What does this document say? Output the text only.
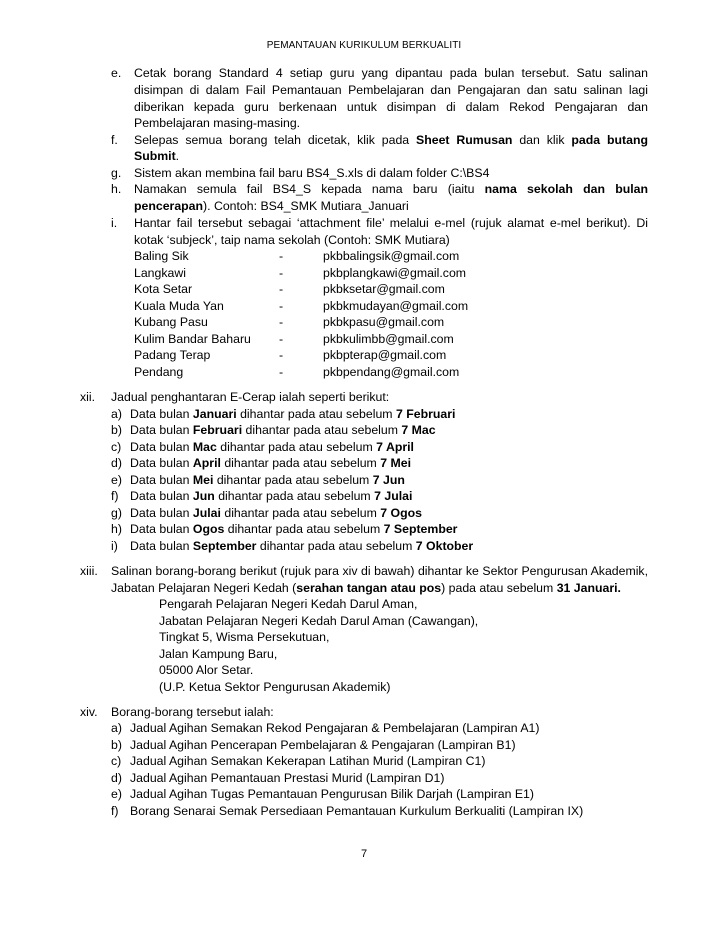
PEMANTAUAN KURIKULUM BERKUALITI
e. Cetak borang Standard 4 setiap guru yang dipantau pada bulan tersebut. Satu salinan
disimpan di dalam Fail Pemantauan Pembelajaran dan Pengajaran dan satu salinan lagi
diberikan kepada guru berkenaan untuk disimpan di dalam Rekod Pengajaran dan
Pembelajaran masing-masing.
f. Selepas semua borang telah dicetak, klik pada Sheet Rumusan dan klik pada butang
Submit.
g. Sistem akan membina fail baru BS4_S.xls di dalam folder C:\BS4
h. Namakan semula fail BS4_S kepada nama baru (iaitu nama sekolah dan bulan
pencerapan). Contoh: BS4_SMK Mutiara_Januari
i. Hantar fail tersebut sebagai ‘attachment file’ melalui e-mel (rujuk alamat e-mel berikut). Di
kotak ‘subjeck’, taip nama sekolah (Contoh: SMK Mutiara)
Baling Sik	-	pkbbalingsik@gmail.com
Langkawi	-	pkbplangkawi@gmail.com
Kota Setar	-	pkbksetar@gmail.com
Kuala Muda Yan	-	pkbkmudayan@gmail.com
Kubang Pasu	-	pkbkpasu@gmail.com
Kulim Bandar Baharu -	pkbkulimbb@gmail.com
Padang Terap	-	pkbpterap@gmail.com
Pendang	-	pkbpendang@gmail.com
xii. Jadual penghantaran E-Cerap ialah seperti berikut:
a) Data bulan Januari dihantar pada atau sebelum 7 Februari
b) Data bulan Februari dihantar pada atau sebelum 7 Mac
c) Data bulan Mac dihantar pada atau sebelum 7 April
d) Data bulan April dihantar pada atau sebelum 7 Mei
e) Data bulan Mei dihantar pada atau sebelum 7 Jun
f) Data bulan Jun dihantar pada atau sebelum 7 Julai
g) Data bulan Julai dihantar pada atau sebelum 7 Ogos
h) Data bulan Ogos dihantar pada atau sebelum 7 September
i) Data bulan September dihantar pada atau sebelum 7 Oktober
xiii. Salinan borang-borang berikut (rujuk para xiv di bawah) dihantar ke Sektor Pengurusan Akademik,
Jabatan Pelajaran Negeri Kedah (serahan tangan atau pos) pada atau sebelum 31 Januari.
Pengarah Pelajaran Negeri Kedah Darul Aman,
Jabatan Pelajaran Negeri Kedah Darul Aman (Cawangan),
Tingkat 5, Wisma Persekutuan,
Jalan Kampung Baru,
05000 Alor Setar.
(U.P. Ketua Sektor Pengurusan Akademik)
xiv. Borang-borang tersebut ialah:
a) Jadual Agihan Semakan Rekod Pengajaran & Pembelajaran (Lampiran A1)
b) Jadual Agihan Pencerapan Pembelajaran & Pengajaran (Lampiran B1)
c) Jadual Agihan Semakan Kekerapan Latihan Murid (Lampiran C1)
d) Jadual Agihan Pemantauan Prestasi Murid (Lampiran D1)
e) Jadual Agihan Tugas Pemantauan Pengurusan Bilik Darjah (Lampiran E1)
f) Borang Senarai Semak Persediaan Pemantauan Kurkulum Berkualiti (Lampiran IX)
7
